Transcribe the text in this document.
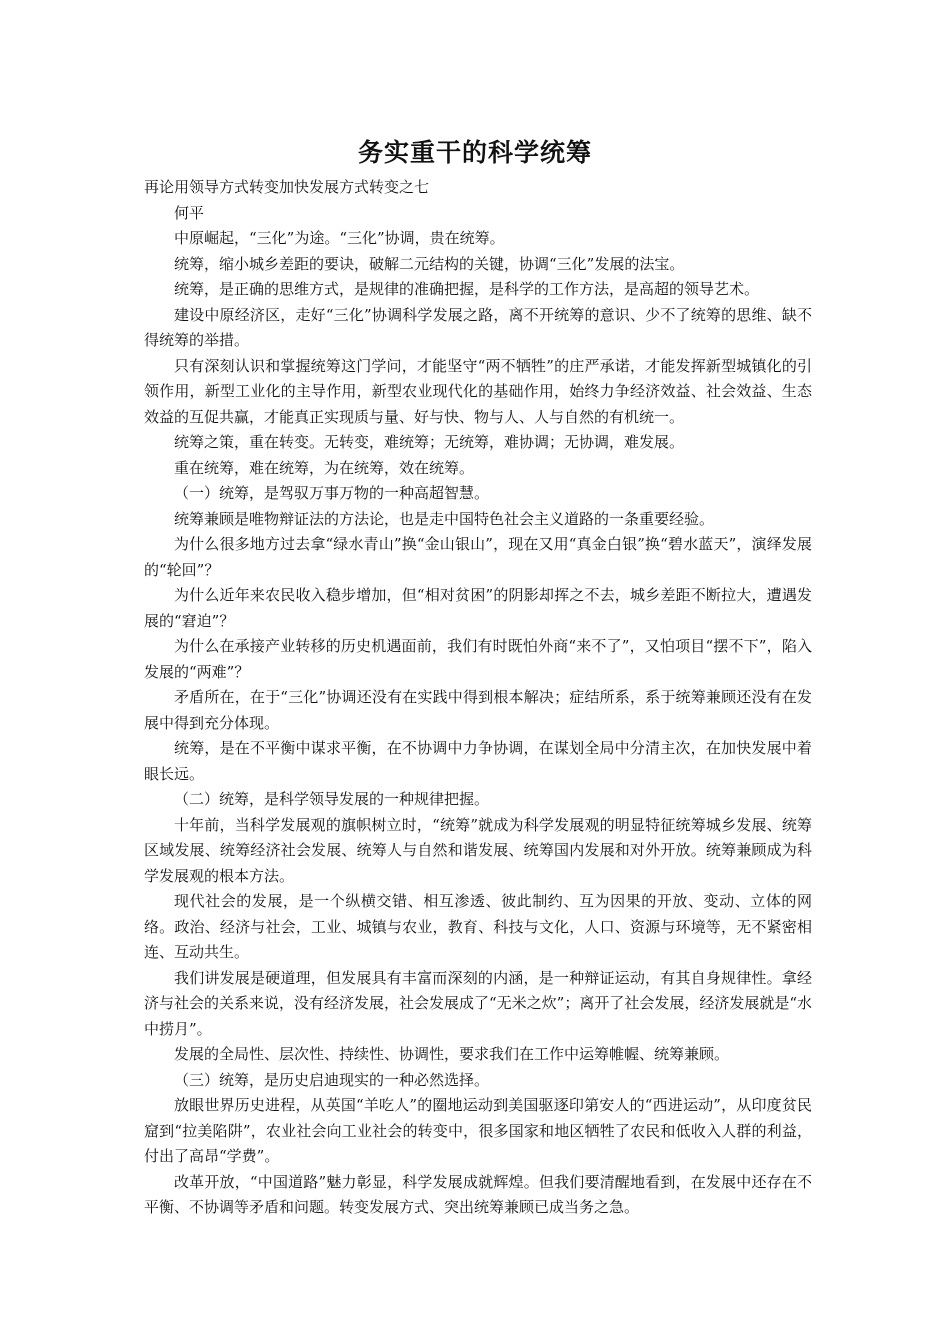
务实重干的科学统筹

再论用领导方式转变加快发展方式转变之七

何平

中原崛起，“三化”为途。“三化”协调，贵在统筹。

统筹，缩小城乡差距的要诀，破解二元结构的关键，协调“三化”发展的法宝。

统筹，是正确的思维方式，是规律的准确把握，是科学的工作方法，是高超的领导艺术。

建设中原经济区，走好“三化”协调科学发展之路，离不开统筹的意识、少不了统筹的思维、缺不得统筹的举措。

只有深刻认识和掌握统筹这门学问，才能坚守“两不牺牲”的庄严承诺，才能发挥新型城镇化的引领作用，新型工业化的主导作用，新型农业现代化的基础作用，始终力争经济效益、社会效益、生态效益的互促共赢，才能真正实现质与量、好与快、物与人、人与自然的有机统一。

统筹之策，重在转变。无转变，难统筹；无统筹，难协调；无协调，难发展。

重在统筹，难在统筹，为在统筹，效在统筹。

（一）统筹，是驾驭万事万物的一种高超智慧。

统筹兼顾是唯物辩证法的方法论，也是走中国特色社会主义道路的一条重要经验。

为什么很多地方过去拿“绿水青山”换“金山银山”，现在又用“真金白银”换“碧水蓝天”，演绎发展的“轮回”？

为什么近年来农民收入稳步增加，但“相对贫困”的阴影却挥之不去，城乡差距不断拉大，遭遇发展的“窘迫”？

为什么在承接产业转移的历史机遇面前，我们有时既怕外商“来不了”，又怕项目“摆不下”，陷入发展的“两难”？

矛盾所在，在于“三化”协调还没有在实践中得到根本解决；症结所系，系于统筹兼顾还没有在发展中得到充分体现。

统筹，是在不平衡中谋求平衡，在不协调中力争协调，在谋划全局中分清主次，在加快发展中着眼长远。

（二）统筹，是科学领导发展的一种规律把握。

十年前，当科学发展观的旗帜树立时，“统筹”就成为科学发展观的明显特征统筹城乡发展、统筹区域发展、统筹经济社会发展、统筹人与自然和谐发展、统筹国内发展和对外开放。统筹兼顾成为科学发展观的根本方法。

现代社会的发展，是一个纵横交错、相互渗透、彼此制约、互为因果的开放、变动、立体的网络。政治、经济与社会，工业、城镇与农业，教育、科技与文化，人口、资源与环境等，无不紧密相连、互动共生。

我们讲发展是硬道理，但发展具有丰富而深刻的内涵，是一种辩证运动，有其自身规律性。拿经济与社会的关系来说，没有经济发展，社会发展成了“无米之炊”；离开了社会发展，经济发展就是“水中捞月”。

发展的全局性、层次性、持续性、协调性，要求我们在工作中运筹帷幄、统筹兼顾。

（三）统筹，是历史启迪现实的一种必然选择。

放眼世界历史进程，从英国“羊吃人”的圈地运动到美国驱逐印第安人的“西进运动”，从印度贫民窟到“拉美陷阱”，农业社会向工业社会的转变中，很多国家和地区牺牲了农民和低收入人群的利益，付出了高昂“学费”。

改革开放，“中国道路”魅力彰显，科学发展成就辉煌。但我们要清醒地看到，在发展中还存在不平衡、不协调等矛盾和问题。转变发展方式、突出统筹兼顾已成当务之急。
